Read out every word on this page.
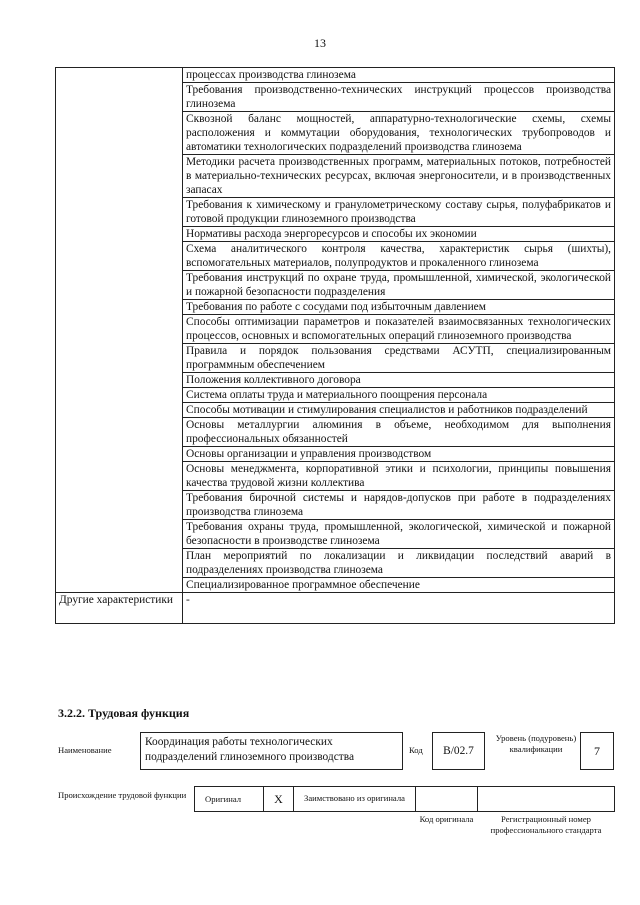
13
	процессах производства глинозема
	Требования производственно-технических инструкций процессов производства глинозема
	Сквозной баланс мощностей, аппаратурно-технологические схемы, схемы расположения и коммутации оборудования, технологических трубопроводов и автоматики технологических подразделений производства глинозема
	Методики расчета производственных программ, материальных потоков, потребностей в материально-технических ресурсах, включая энергоносители, и в производственных запасах
	Требования к химическому и гранулометрическому составу сырья, полуфабрикатов и готовой продукции глиноземного производства
	Нормативы расхода энергоресурсов и способы их экономии
	Схема аналитического контроля качества, характеристик сырья (шихты), вспомогательных материалов, полупродуктов и прокаленного глинозема
	Требования инструкций по охране труда, промышленной, химической, экологической и пожарной безопасности подразделения
	Требования по работе с сосудами под избыточным давлением
	Способы оптимизации параметров и показателей взаимосвязанных технологических процессов, основных и вспомогательных операций глиноземного производства
	Правила и порядок пользования средствами АСУТП, специализированным программным обеспечением
	Положения коллективного договора
	Система оплаты труда и материального поощрения персонала
	Способы мотивации и стимулирования специалистов и работников подразделений
	Основы металлургии алюминия в объеме, необходимом для выполнения профессиональных обязанностей
	Основы организации и управления производством
	Основы менеджмента, корпоративной этики и психологии, принципы повышения качества трудовой жизни коллектива
	Требования бирочной системы и нарядов-допусков при работе в подразделениях производства глинозема
	Требования охраны труда, промышленной, экологической, химической и пожарной безопасности в производстве глинозема
	План мероприятий по локализации и ликвидации последствий аварий в подразделениях производства глинозема
	Специализированное программное обеспечение
Другие характеристики	-
3.2.2. Трудовая функция
Наименование
Координация работы технологических подразделений глиноземного производства
Код	B/02.7
Уровень (подуровень) квалификации	7
Происхождение трудовой функции	Оригинал	X	Заимствовано из оригинала
Код оригинала	Регистрационный номер профессионального стандарта
